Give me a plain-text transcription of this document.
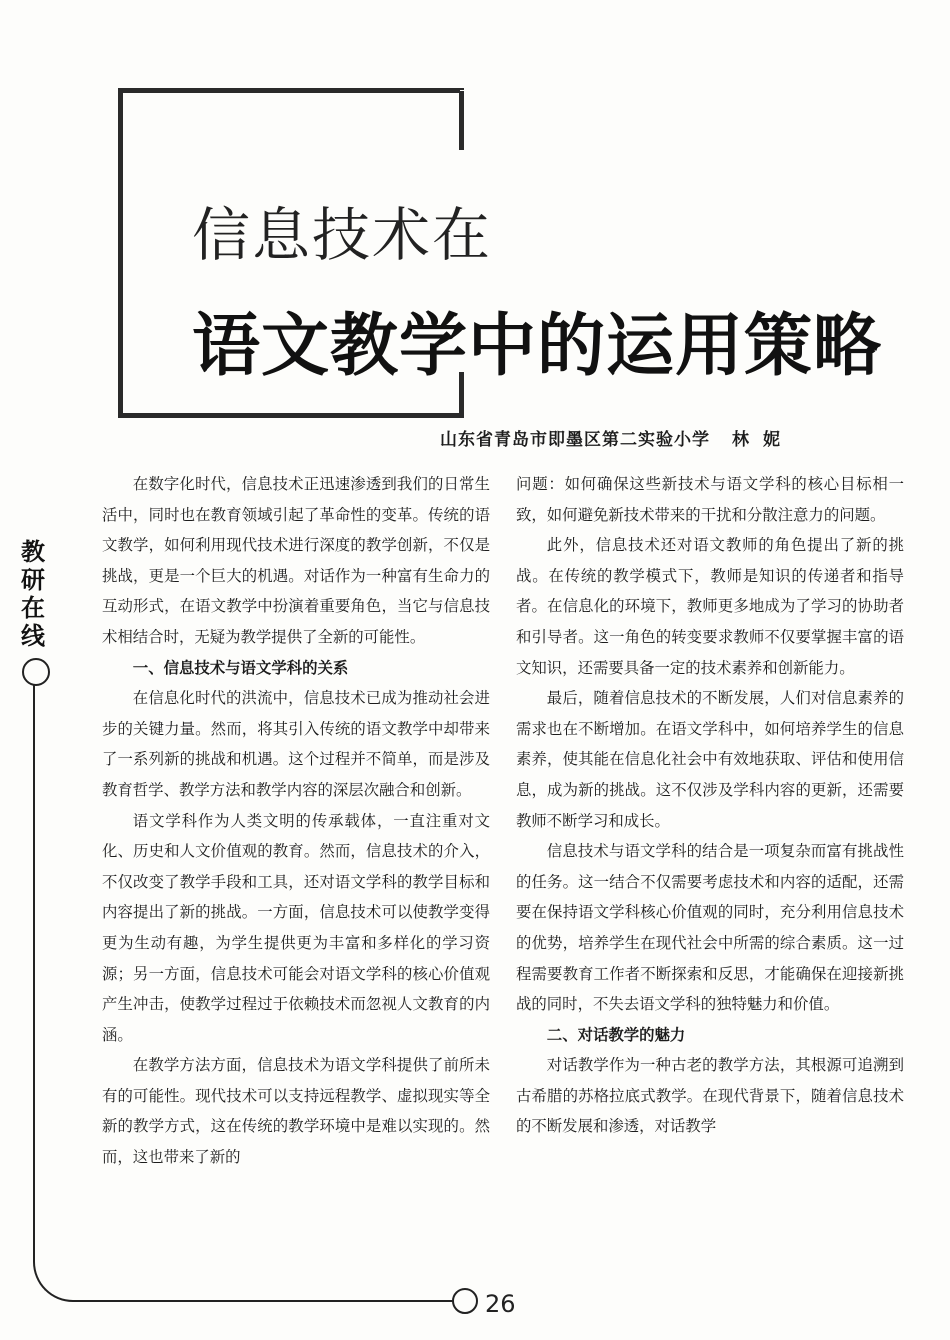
信息技术在
语文教学中的运用策略
山东省青岛市即墨区第二实验小学 林妮
教研在线
26

在数字化时代，信息技术正迅速渗透到我们的日常生活中，同时也在教育领域引起了革命性的变革。传统的语文教学，如何利用现代技术进行深度的教学创新，不仅是挑战，更是一个巨大的机遇。对话作为一种富有生命力的互动形式，在语文教学中扮演着重要角色，当它与信息技术相结合时，无疑为教学提供了全新的可能性。

一、信息技术与语文学科的关系

在信息化时代的洪流中，信息技术已成为推动社会进步的关键力量。然而，将其引入传统的语文教学中却带来了一系列新的挑战和机遇。这个过程并不简单，而是涉及教育哲学、教学方法和教学内容的深层次融合和创新。

语文学科作为人类文明的传承载体，一直注重对文化、历史和人文价值观的教育。然而，信息技术的介入，不仅改变了教学手段和工具，还对语文学科的教学目标和内容提出了新的挑战。一方面，信息技术可以使教学变得更为生动有趣，为学生提供更为丰富和多样化的学习资源；另一方面，信息技术可能会对语文学科的核心价值观产生冲击，使教学过程过于依赖技术而忽视人文教育的内涵。

在教学方法方面，信息技术为语文学科提供了前所未有的可能性。现代技术可以支持远程教学、虚拟现实等全新的教学方式，这在传统的教学环境中是难以实现的。然而，这也带来了新的

问题：如何确保这些新技术与语文学科的核心目标相一致，如何避免新技术带来的干扰和分散注意力的问题。

此外，信息技术还对语文教师的角色提出了新的挑战。在传统的教学模式下，教师是知识的传递者和指导者。在信息化的环境下，教师更多地成为了学习的协助者和引导者。这一角色的转变要求教师不仅要掌握丰富的语文知识，还需要具备一定的技术素养和创新能力。

最后，随着信息技术的不断发展，人们对信息素养的需求也在不断增加。在语文学科中，如何培养学生的信息素养，使其能在信息化社会中有效地获取、评估和使用信息，成为新的挑战。这不仅涉及学科内容的更新，还需要教师不断学习和成长。

信息技术与语文学科的结合是一项复杂而富有挑战性的任务。这一结合不仅需要考虑技术和内容的适配，还需要在保持语文学科核心价值观的同时，充分利用信息技术的优势，培养学生在现代社会中所需的综合素质。这一过程需要教育工作者不断探索和反思，才能确保在迎接新挑战的同时，不失去语文学科的独特魅力和价值。

二、对话教学的魅力

对话教学作为一种古老的教学方法，其根源可追溯到古希腊的苏格拉底式教学。在现代背景下，随着信息技术的不断发展和渗透，对话教学
